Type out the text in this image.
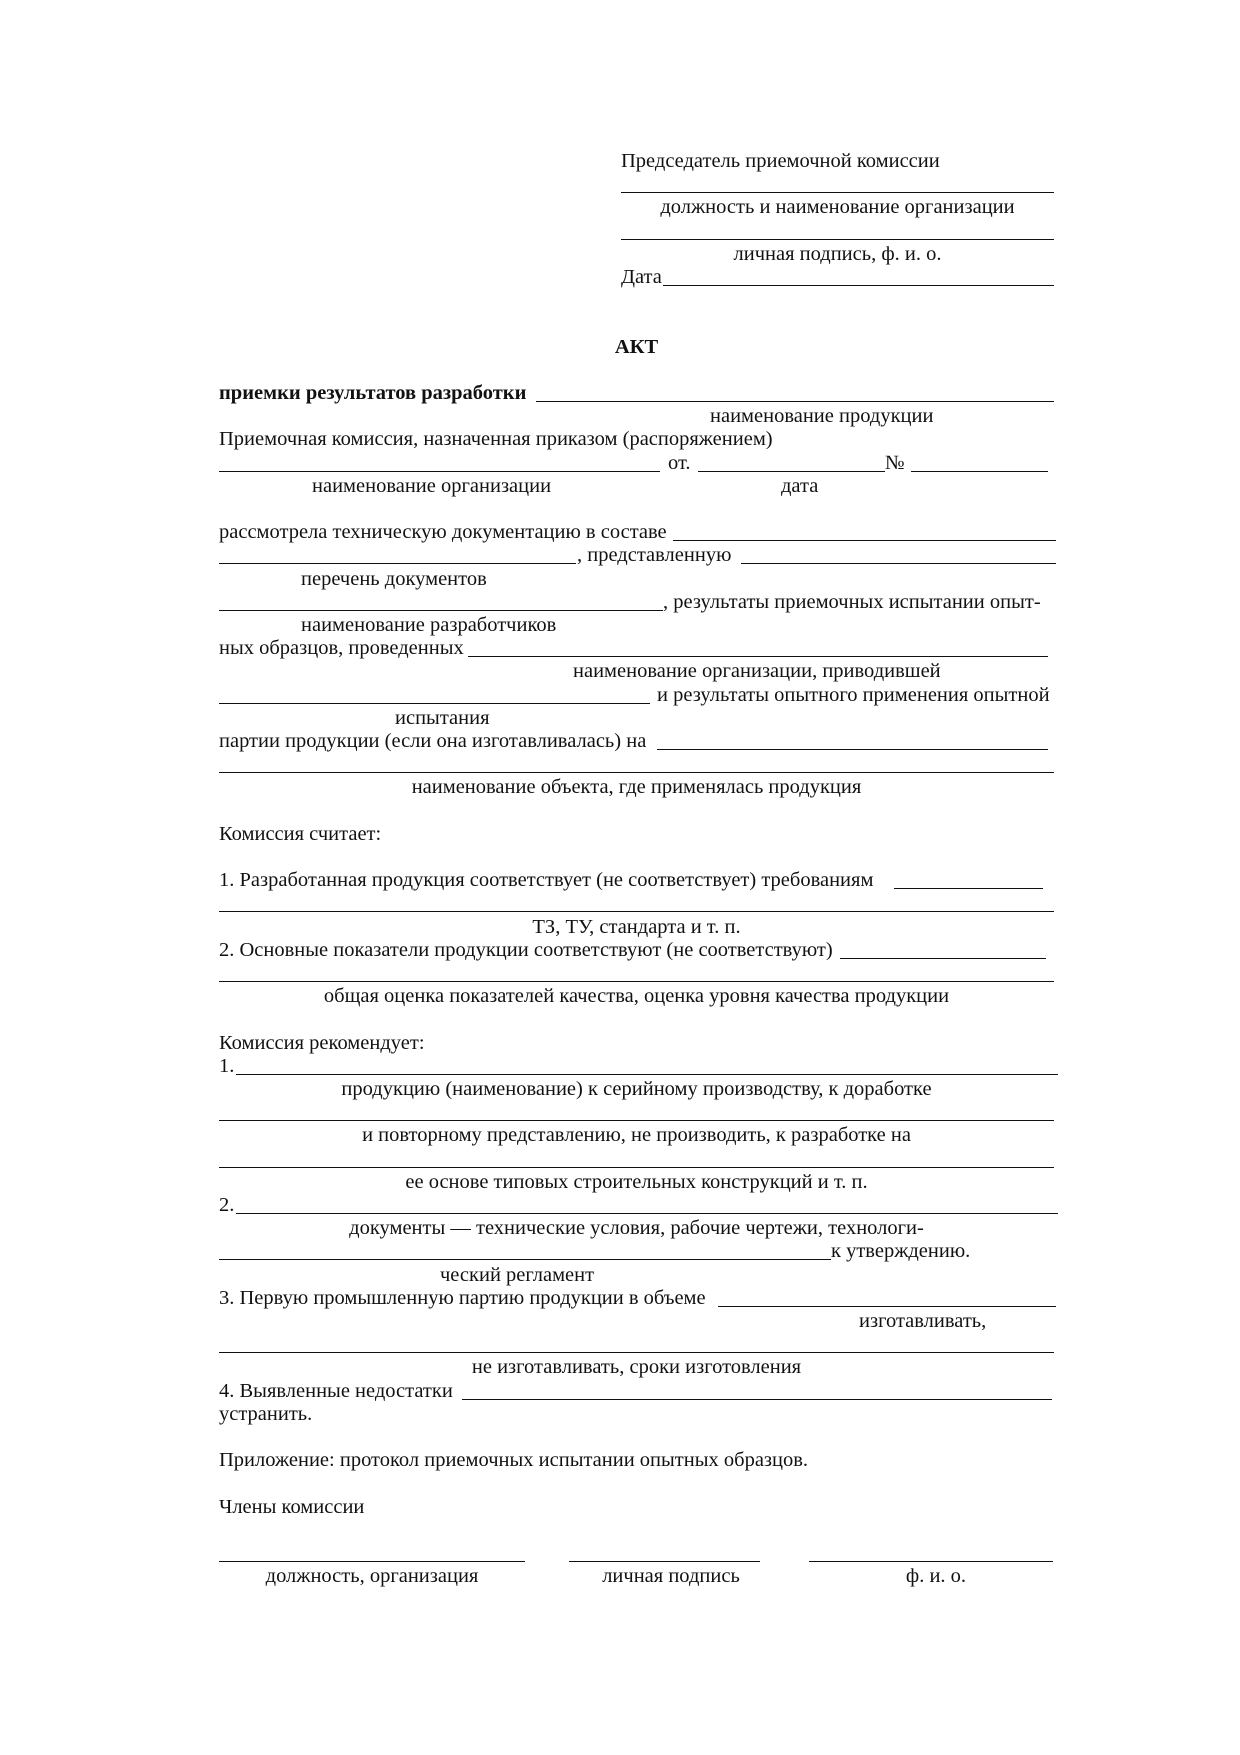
Председатель приемочной комиссии
должность и наименование организации
личная подпись, ф. и. о.
Дата
АКТ
приемки результатов разработки
наименование продукции
Приемочная комиссия, назначенная приказом (распоряжением)
от.	№
наименование организации	дата
рассмотрела техническую документацию в составе
, представленную
перечень документов
, результаты приемочных испытании опыт-
наименование разработчиков
ных образцов, проведенных
наименование организации, приводившей
и результаты опытного применения опытной
испытания
партии продукции (если она изготавливалась) на
наименование объекта, где применялась продукция
Комиссия считает:
1. Разработанная продукция соответствует (не соответствует) требованиям
ТЗ, ТУ, стандарта и т. п.
2. Основные показатели продукции соответствуют (не соответствуют)
общая оценка показателей качества, оценка уровня качества продукции
Комиссия рекомендует:
1.
продукцию (наименование) к серийному производству, к доработке
и повторному представлению, не производить, к разработке на
ее основе типовых строительных конструкций и т. п.
2.
документы — технические условия, рабочие чертежи, технологи-
к утверждению.
ческий регламент
3. Первую промышленную партию продукции в объеме
изготавливать,
не изготавливать, сроки изготовления
4. Выявленные недостатки
устранить.
Приложение: протокол приемочных испытании опытных образцов.
Члены комиссии
должность, организация	личная подпись	ф. и. о.
